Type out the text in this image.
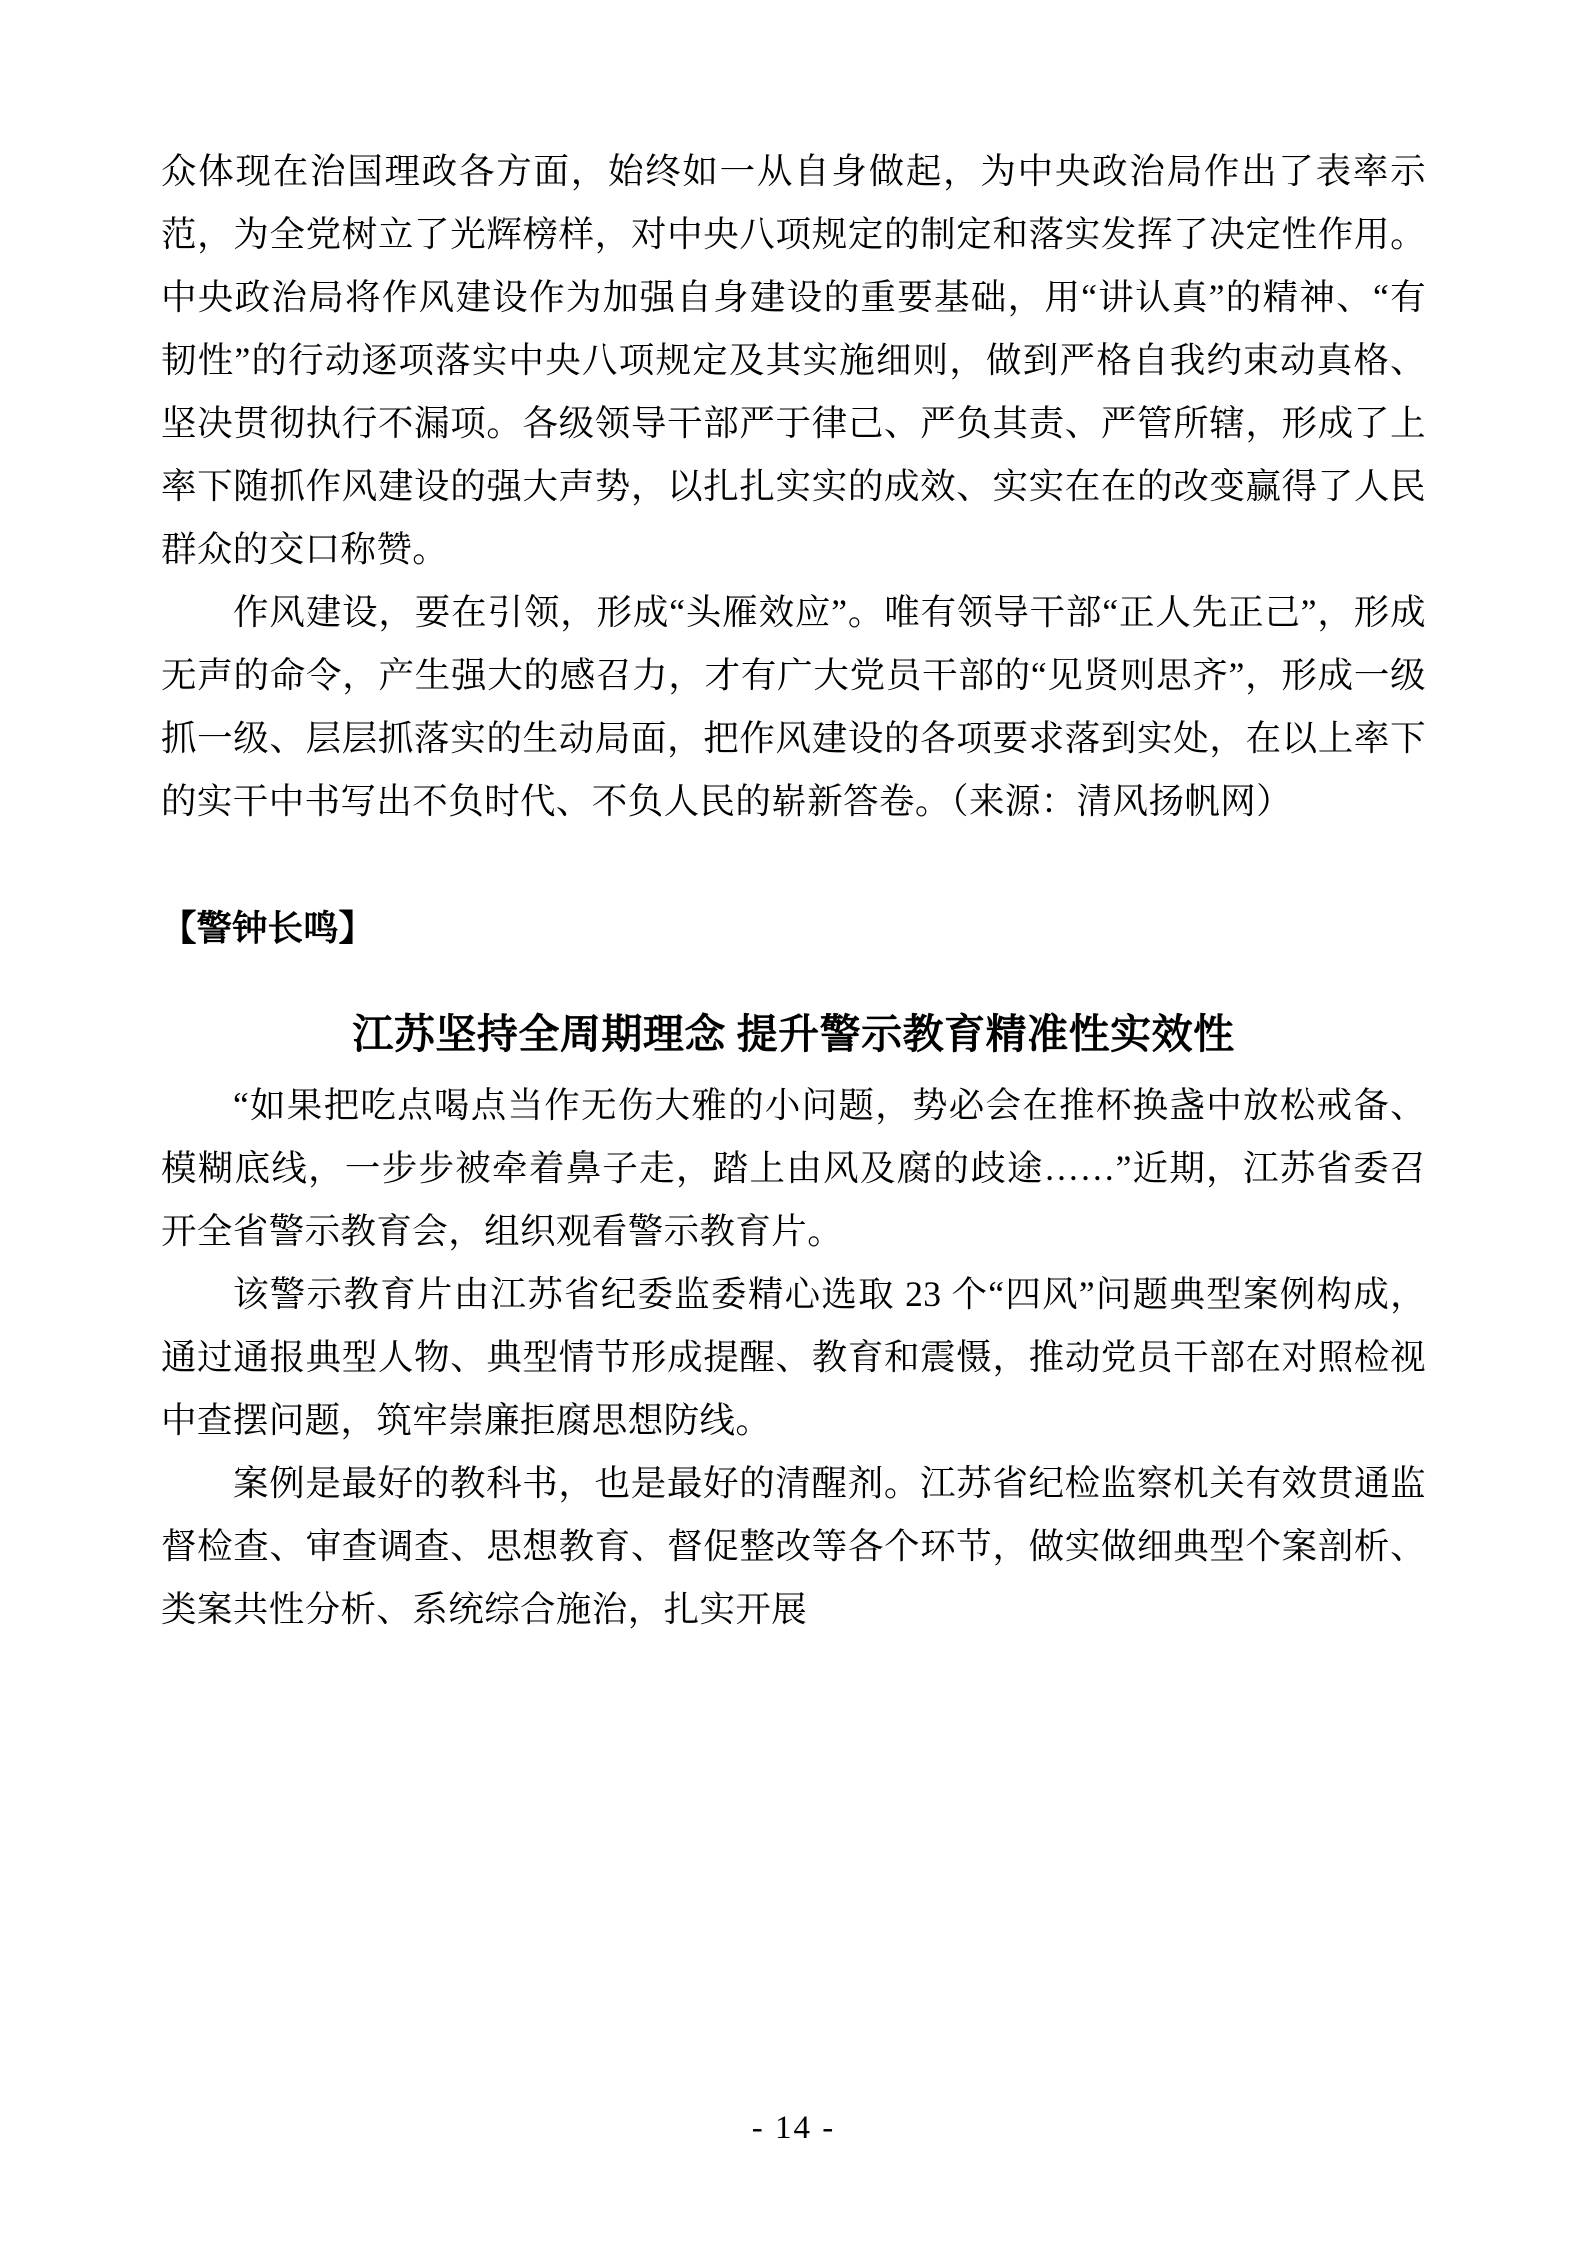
众体现在治国理政各方面，始终如一从自身做起，为中央政治局作出了表率示范，为全党树立了光辉榜样，对中央八项规定的制定和落实发挥了决定性作用。中央政治局将作风建设作为加强自身建设的重要基础，用“讲认真”的精神、“有韧性”的行动逐项落实中央八项规定及其实施细则，做到严格自我约束动真格、坚决贯彻执行不漏项。各级领导干部严于律己、严负其责、严管所辖，形成了上率下随抓作风建设的强大声势，以扎扎实实的成效、实实在在的改变赢得了人民群众的交口称赞。

作风建设，要在引领，形成“头雁效应”。唯有领导干部“正人先正己”，形成无声的命令，产生强大的感召力，才有广大党员干部的“见贤则思齐”，形成一级抓一级、层层抓落实的生动局面，把作风建设的各项要求落到实处，在以上率下的实干中书写出不负时代、不负人民的崭新答卷。（来源：清风扬帆网）

【警钟长鸣】

江苏坚持全周期理念 提升警示教育精准性实效性

“如果把吃点喝点当作无伤大雅的小问题，势必会在推杯换盏中放松戒备、模糊底线，一步步被牵着鼻子走，踏上由风及腐的歧途……”近期，江苏省委召开全省警示教育会，组织观看警示教育片。

该警示教育片由江苏省纪委监委精心选取 23 个“四风”问题典型案例构成，通过通报典型人物、典型情节形成提醒、教育和震慑，推动党员干部在对照检视中查摆问题，筑牢崇廉拒腐思想防线。

案例是最好的教科书，也是最好的清醒剂。江苏省纪检监察机关有效贯通监督检查、审查调查、思想教育、督促整改等各个环节，做实做细典型个案剖析、类案共性分析、系统综合施治，扎实开展

- 14 -
